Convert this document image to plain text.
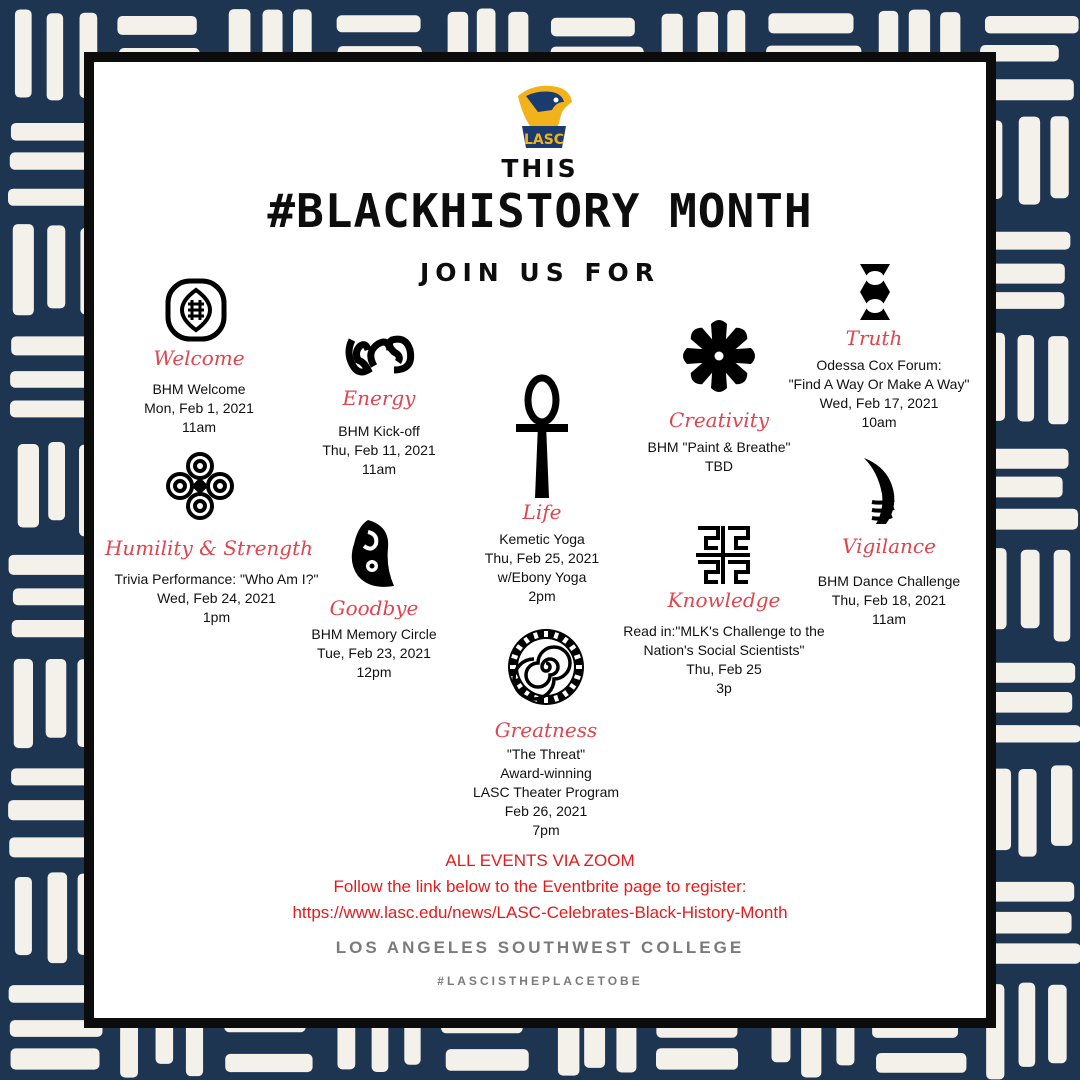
LASC
THIS
#BLACKHISTORY MONTH
JOIN US FOR
Welcome
BHM Welcome
Mon, Feb 1, 2021
11am
Energy
BHM Kick-off
Thu, Feb 11, 2021
11am
Life
Kemetic Yoga
Thu, Feb 25, 2021
w/Ebony Yoga
2pm
Creativity
BHM "Paint & Breathe"
TBD
Truth
Odessa Cox Forum:
"Find A Way Or Make A Way"
Wed, Feb 17, 2021
10am
Humility & Strength
Trivia Performance: "Who Am I?"
Wed, Feb 24, 2021
1pm	Goodbye
BHM Memory Circle
Tue, Feb 23, 2021
12pm
Knowledge
Read in:"MLK's Challenge to the
Nation's Social Scientists"
Thu, Feb 25
3p
Vigilance
BHM Dance Challenge
Thu, Feb 18, 2021
11am
Greatness
"The Threat"
Award-winning
LASC Theater Program
Feb 26, 2021
7pm
ALL EVENTS VIA ZOOM
Follow the link below to the Eventbrite page to register:
https://www.lasc.edu/news/LASC-Celebrates-Black-History-Month
LOS ANGELES SOUTHWEST COLLEGE
#LASCISTHEPLACETOBE
